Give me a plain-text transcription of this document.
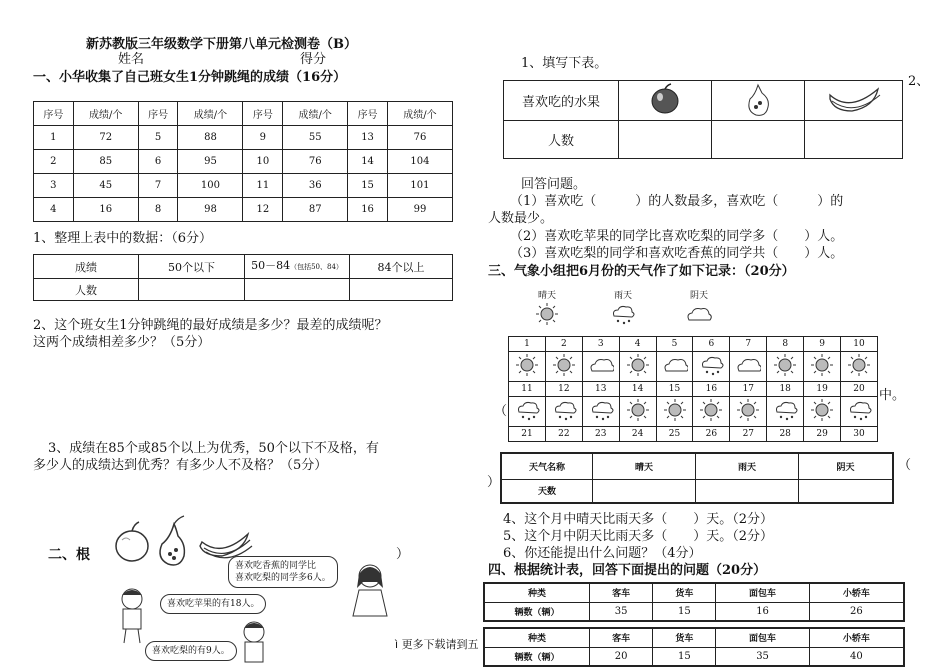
新苏教版三年级数学下册第八单元检测卷（B）
姓名	得分
一、小华收集了自己班女生1分钟跳绳的成绩（16分）
序号	成绩/个	序号	成绩/个	序号	成绩/个	序号	成绩/个
1	72	5	88	9	55	13	76
2	85	6	95	10	76	14	104
3	45	7	100	11	36	15	101
4	16	8	98	12	87	16	99
1、整理上表中的数据：（6分）
成绩	50个以下	50－84（包括50、84）	84个以上
人数			
2、这个班女生1分钟跳绳的最好成绩是多少？最差的成绩呢？
这两个成绩相差多少？（5分）
3、成绩在85个或85个以上为优秀，50个以下不及格，有
多少人的成绩达到优秀？有多少人不及格？（5分）
二、根	）
喜欢吃香蕉的同学比
喜欢吃梨的同学多6人。
喜欢吃苹果的有18人。
喜欢吃梨的有9人。	ì 更多下载请到五
1、填写下表。
2、
喜欢吃的水果			
人数			
回答问题。
（1）喜欢吃（　　　）的人数最多，喜欢吃（　　　）的
人数最少。
（2）喜欢吃苹果的同学比喜欢吃梨的同学多（　　）人。
（3）喜欢吃梨的同学和喜欢吃香蕉的同学共（　　）人。
三、气象小组把6月份的天气作了如下记录：（20分）
晴天	雨天	阴天
（
中。
1	2	3	4	5	6	7	8	9	10

11	12	13	14	15	16	17	18	19	20

21	22	23	24	25	26	27	28	29	30
（
）
天气名称	晴天	雨天	阴天
天数			
4、这个月中晴天比雨天多（　　）天。（2分）
5、这个月中阴天比雨天多（　　）天。（2分）
6、你还能提出什么问题？（4分）
四、根据统计表，回答下面提出的问题（20分）
种类	客车	货车	面包车	小轿车
辆数（辆）	35	15	16	26
种类	客车	货车	面包车	小轿车
辆数（辆）	20	15	35	40
